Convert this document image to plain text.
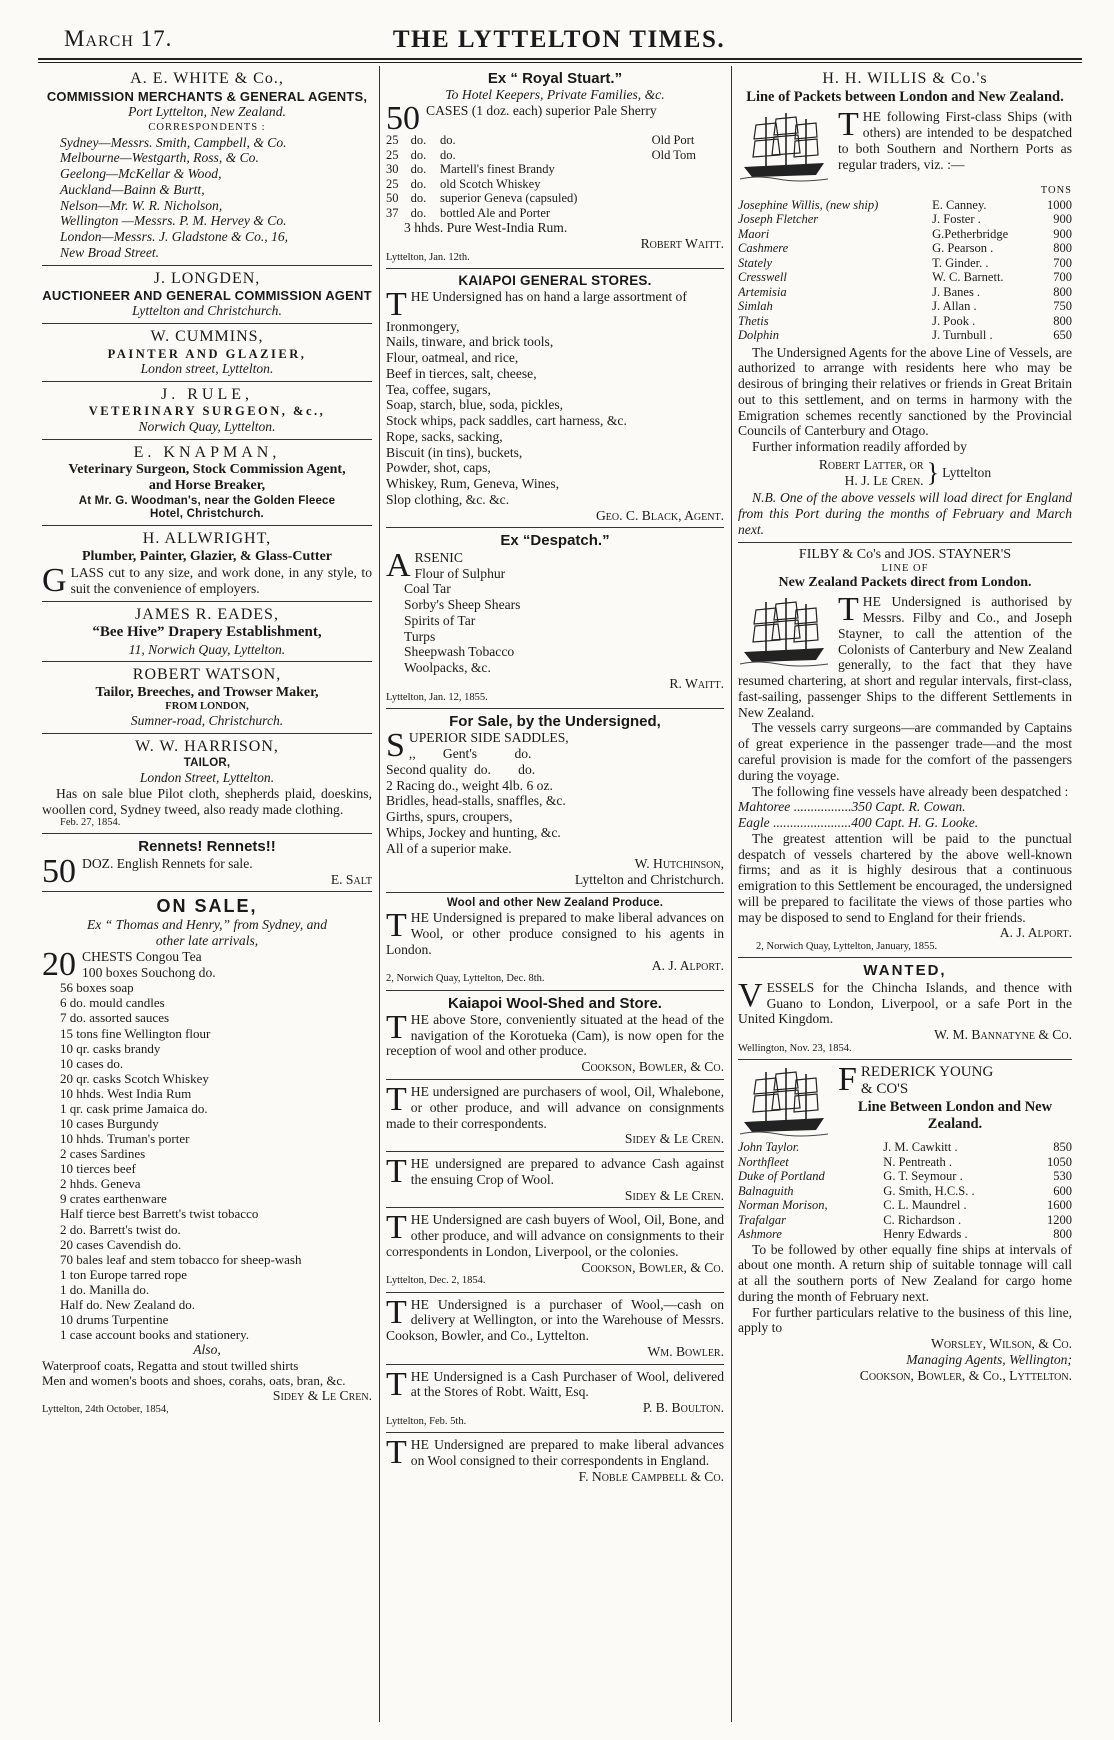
March 17.	THE LYTTELTON TIMES.
A. E. WHITE & Co.,
COMMISSION MERCHANTS & GENERAL AGENTS,
Port Lyttelton, New Zealand.
CORRESPONDENTS :
Sydney—Messrs. Smith, Campbell, & Co.
Melbourne—Westgarth, Ross, & Co.
Geelong—McKellar & Wood,
Auckland—Bainn & Burtt,
Nelson—Mr. W. R. Nicholson,
Wellington —Messrs. P. M. Hervey & Co.
London—Messrs. J. Gladstone & Co., 16,
New Broad Street.
J. LONGDEN,
AUCTIONEER AND GENERAL COMMISSION AGENT
Lyttelton and Christchurch.
W. CUMMINS,
PAINTER AND GLAZIER,
London street, Lyttelton.
J. RULE,
VETERINARY SURGEON, &c.,
Norwich Quay, Lyttelton.
E. KNAPMAN,
Veterinary Surgeon, Stock Commission Agent,
and Horse Breaker,
At Mr. G. Woodman's, near the Golden Fleece
Hotel, Christchurch.
H. ALLWRIGHT,
Plumber, Painter, Glazier, & Glass-Cutter
GLASS cut to any size, and work done, in any style, to suit the convenience of employers.
JAMES R. EADES,
“Bee Hive” Drapery Establishment,
11, Norwich Quay, Lyttelton.
ROBERT WATSON,
Tailor, Breeches, and Trowser Maker,
FROM LONDON,
Sumner-road, Christchurch.
W. W. HARRISON,
TAILOR,
London Street, Lyttelton.
Has on sale blue Pilot cloth, shepherds plaid, doeskins, woollen cord, Sydney tweed, also ready made clothing.
Feb. 27, 1854.
Rennets! Rennets!!
50 DOZ. English Rennets for sale.
E. Salt
ON SALE,
Ex “ Thomas and Henry,” from Sydney, and
other late arrivals,
20 CHESTS Congou Tea
100 boxes Souchong do.
56 boxes soap
6 do. mould candles
7 do. assorted sauces
15 tons fine Wellington flour
10 qr. casks brandy
10 cases do.
20 qr. casks Scotch Whiskey
10 hhds. West India Rum
1 qr. cask prime Jamaica do.
10 cases Burgundy
10 hhds. Truman's porter
2 cases Sardines
10 tierces beef
2 hhds. Geneva
9 crates earthenware
Half tierce best Barrett's twist tobacco
2 do. Barrett's twist do.
20 cases Cavendish do.
70 bales leaf and stem tobacco for sheep-wash
1 ton Europe tarred rope
1 do. Manilla do.
Half do. New Zealand do.
10 drums Turpentine
1 case account books and stationery.
Also,
Waterproof coats, Regatta and stout twilled shirts
Men and women's boots and shoes, corahs, oats, bran, &c.
Sidey & Le Cren.
Lyttelton, 24th October, 1854,
Ex “ Royal Stuart.”
To Hotel Keepers, Private Families, &c.
50 CASES (1 doz. each) superior Pale Sherry
25	do.	do.	Old Port
25	do.	do.	Old Tom
30	do.	Martell's finest Brandy	
25	do.	old Scotch Whiskey	
50	do.	superior Geneva (capsuled)	
37	do.	bottled Ale and Porter	
3 hhds. Pure West-India Rum.
Robert Waitt.
Lyttelton, Jan. 12th.
KAIAPOI GENERAL STORES.
THE Undersigned has on hand a large assortment of
Ironmongery,
Nails, tinware, and brick tools,
Flour, oatmeal, and rice,
Beef in tierces, salt, cheese,
Tea, coffee, sugars,
Soap, starch, blue, soda, pickles,
Stock whips, pack saddles, cart harness, &c.
Rope, sacks, sacking,
Biscuit (in tins), buckets,
Powder, shot, caps,
Whiskey, Rum, Geneva, Wines,
Slop clothing, &c. &c.
Geo. C. Black, Agent.
Ex “Despatch.”
ARSENIC
Flour of Sulphur
Coal Tar
Sorby's Sheep Shears
Spirits of Tar
Turps
Sheepwash Tobacco
Woolpacks, &c.
R. Waitt.
Lyttelton, Jan. 12, 1855.
For Sale, by the Undersigned,
SUPERIOR SIDE SADDLES,
,,        Gent's           do.
Second quality  do.        do.
2 Racing do., weight 4lb. 6 oz.
Bridles, head-stalls, snaffles, &c.
Girths, spurs, croupers,
Whips, Jockey and hunting, &c.
All of a superior make.
W. Hutchinson,
Lyttelton and Christchurch.
Wool and other New Zealand Produce.
THE Undersigned is prepared to make liberal advances on Wool, or other produce consigned to his agents in London.
A. J. Alport.
2, Norwich Quay, Lyttelton, Dec. 8th.
Kaiapoi Wool-Shed and Store.
THE above Store, conveniently situated at the head of the navigation of the Korotueka (Cam), is now open for the reception of wool and other produce.
Cookson, Bowler, & Co.
THE undersigned are purchasers of wool, Oil, Whalebone, or other produce, and will advance on consignments made to their correspondents.
Sidey & Le Cren.
THE undersigned are prepared to advance Cash against the ensuing Crop of Wool.
Sidey & Le Cren.
THE Undersigned are cash buyers of Wool, Oil, Bone, and other produce, and will advance on consignments to their correspondents in London, Liverpool, or the colonies.
Cookson, Bowler, & Co.
Lyttelton, Dec. 2, 1854.
THE Undersigned is a purchaser of Wool,—cash on delivery at Wellington, or into the Warehouse of Messrs. Cookson, Bowler, and Co., Lyttelton.
Wm. Bowler.
THE Undersigned is a Cash Purchaser of Wool, delivered at the Stores of Robt. Waitt, Esq.
P. B. Boulton.
Lyttelton, Feb. 5th.
THE Undersigned are prepared to make liberal advances on Wool consigned to their correspondents in England.
F. Noble Campbell & Co.
H. H. WILLIS & Co.'s
Line of Packets between London and New Zealand.
THE following First-class Ships (with others) are intended to be despatched to both Southern and Northern Ports as regular traders, viz. :—
TONS
Josephine Willis, (new ship)	E. Canney.	1000
Joseph Fletcher	J. Foster .	900
Maori	G.Petherbridge	900
Cashmere	G. Pearson .	800
Stately	T. Ginder. .	700
Cresswell	W. C. Barnett.	700
Artemisia	J. Banes .	800
Simlah	J. Allan .	750
Thetis	J. Pook .	800
Dolphin	J. Turnbull .	650
The Undersigned Agents for the above Line of Vessels, are authorized to arrange with residents here who may be desirous of bringing their relatives or friends in Great Britain out to this settlement, and on terms in harmony with the Emigration schemes recently sanctioned by the Provincial Councils of Canterbury and Otago.
Further information readily afforded by
Robert Latter, or
H. J. Le Cren. } Lyttelton
N.B. One of the above vessels will load direct for England from this Port during the months of February and March next.
FILBY & Co's and JOS. STAYNER'S
LINE OF
New Zealand Packets direct from London.
THE Undersigned is authorised by Messrs. Filby and Co., and Joseph Stayner, to call the attention of the Colonists of Canterbury and New Zealand generally, to the fact that they have resumed chartering, at short and regular intervals, first-class, fast-sailing, passenger Ships to the different Settlements in New Zealand.
The vessels carry surgeons—are commanded by Captains of great experience in the passenger trade—and the most careful provision is made for the comfort of the passengers during the voyage.
The following fine vessels have already been despatched :
Mahtoree .................350 Capt. R. Cowan.
Eagle .......................400 Capt. H. G. Looke.
The greatest attention will be paid to the punctual despatch of vessels chartered by the above well-known firms; and as it is highly desirous that a continuous emigration to this Settlement be encouraged, the undersigned will be prepared to facilitate the views of those parties who may be disposed to send to England for their friends.
A. J. Alport.
2, Norwich Quay, Lyttelton, January, 1855.
WANTED,
VESSELS for the Chincha Islands, and thence with Guano to London, Liverpool, or a safe Port in the United Kingdom.
W. M. Bannatyne & Co.
Wellington, Nov. 23, 1854.
FREDERICK YOUNG
& CO'S
Line Between London and New Zealand.
John Taylor.	J. M. Cawkitt .	850
Northfleet	N. Pentreath .	1050
Duke of Portland	G. T. Seymour .	530
Balnaguith	G. Smith, H.C.S. .	600
Norman Morison,	C. L. Maundrel .	1600
Trafalgar	C. Richardson .	1200
Ashmore	Henry Edwards .	800
To be followed by other equally fine ships at intervals of about one month. A return ship of suitable tonnage will call at all the southern ports of New Zealand for cargo home during the month of February next.
For further particulars relative to the business of this line, apply to
Worsley, Wilson, & Co.
Managing Agents, Wellington;
Cookson, Bowler, & Co., Lyttelton.
